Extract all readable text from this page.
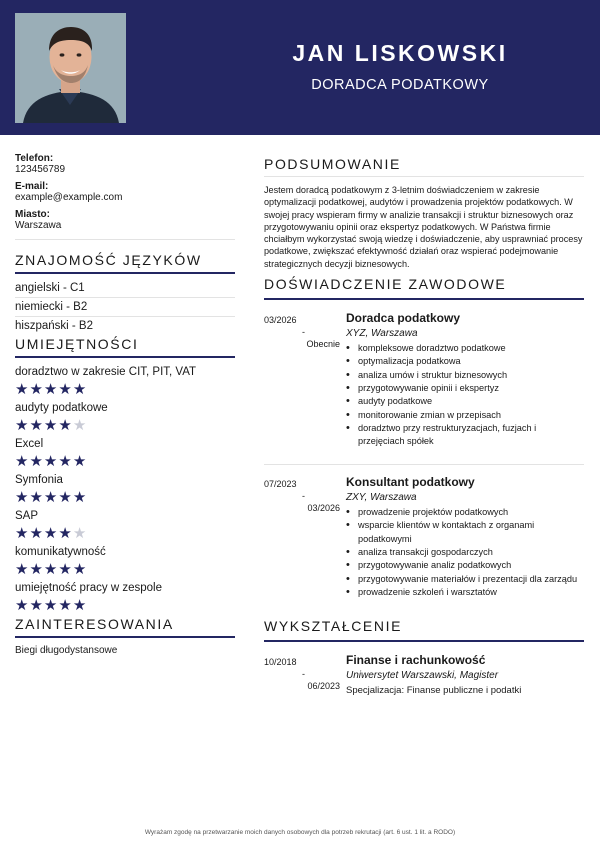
JAN LISKOWSKI
DORADCA PODATKOWY
Telefon:
123456789
E-mail:
example@example.com
Miasto:
Warszawa
ZNAJOMOŚĆ JĘZYKÓW
angielski - C1
niemiecki - B2
hiszpański - B2
UMIEJĘTNOŚCI
doradztwo w zakresie CIT, PIT, VAT
★★★★★
audyty podatkowe
★★★★★
Excel
★★★★★
Symfonia
★★★★★
SAP
★★★★★
komunikatywność
★★★★★
umiejętność pracy w zespole
★★★★★
ZAINTERESOWANIA
Biegi długodystansowe
PODSUMOWANIE
Jestem doradcą podatkowym z 3-letnim doświadczeniem w zakresie optymalizacji podatkowej, audytów i prowadzenia projektów podatkowych. W swojej pracy wspieram firmy w analizie transakcji i struktur biznesowych oraz przygotowywaniu opinii oraz ekspertyz podatkowych. W Państwa firmie chciałbym wykorzystać swoją wiedzę i doświadczenie, aby usprawniać procesy podatkowe, zwiększać efektywność działań oraz wspierać podejmowanie strategicznych decyzji biznesowych.
DOŚWIADCZENIE ZAWODOWE
03/2026
-
Obecnie
Doradca podatkowy
XYZ, Warszawa
• kompleksowe doradztwo podatkowe
• optymalizacja podatkowa
• analiza umów i struktur biznesowych
• przygotowywanie opinii i ekspertyz
• audyty podatkowe
• monitorowanie zmian w przepisach
• doradztwo przy restrukturyzacjach, fuzjach i przejęciach spółek
07/2023
-
03/2026
Konsultant podatkowy
ZXY, Warszawa
• prowadzenie projektów podatkowych
• wsparcie klientów w kontaktach z organami podatkowymi
• analiza transakcji gospodarczych
• przygotowywanie analiz podatkowych
• przygotowywanie materiałów i prezentacji dla zarządu
• prowadzenie szkoleń i warsztatów
WYKSZTAŁCENIE
10/2018
-
06/2023
Finanse i rachunkowość
Uniwersytet Warszawski, Magister
Specjalizacja: Finanse publiczne i podatki
Wyrażam zgodę na przetwarzanie moich danych osobowych dla potrzeb rekrutacji (art. 6 ust. 1 lit. a RODO)
